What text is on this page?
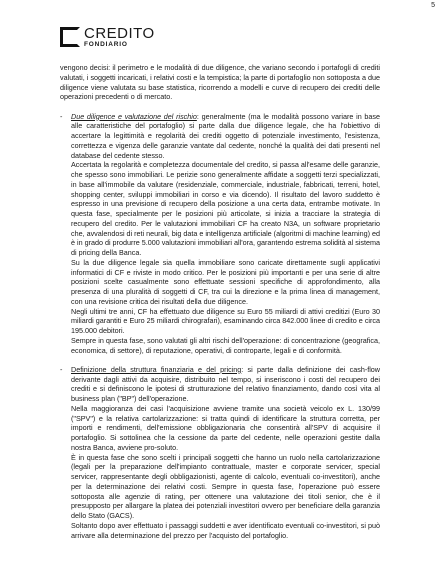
5
CREDITO
FONDIARIO

vengono decisi: il perimetro e le modalità di due diligence, che variano secondo i portafogli di crediti valutati, i soggetti incaricati, i relativi costi e la tempistica; la parte di portafoglio non sottoposta a due diligence viene valutata su base statistica, ricorrendo a modelli e curve di recupero dei crediti delle operazioni precedenti o di mercato.

- Due diligence e valutazione del rischio: generalmente (ma le modalità possono variare in base alle caratteristiche del portafoglio) si parte dalla due diligence legale, che ha l'obiettivo di accertare la legittimità e regolarità dei crediti oggetto di potenziale investimento, l'esistenza, correttezza e vigenza delle garanzie vantate dal cedente, nonché la qualità dei dati presenti nel database del cedente stesso.

Accertata la regolarità e completezza documentale del credito, si passa all'esame delle garanzie, che spesso sono immobiliari. Le perizie sono generalmente affidate a soggetti terzi specializzati, in base all'immobile da valutare (residenziale, commerciale, industriale, fabbricati, terreni, hotel, shopping center, sviluppi immobiliari in corso e via dicendo). Il risultato del lavoro suddetto è espresso in una previsione di recupero della posizione a una certa data, entrambe motivate. In questa fase, specialmente per le posizioni più articolate, si inizia a tracciare la strategia di recupero del credito. Per le valutazioni immobiliari CF ha creato N3A, un software proprietario che, avvalendosi di reti neurali, big data e intelligenza artificiale (algoritmi di machine learning) ed è in grado di produrre 5.000 valutazioni immobiliari all'ora, garantendo estrema solidità al sistema di pricing della Banca.

Su la due diligence legale sia quella immobiliare sono caricate direttamente sugli applicativi informatici di CF e riviste in modo critico. Per le posizioni più importanti e per una serie di altre posizioni scelte casualmente sono effettuate sessioni specifiche di approfondimento, alla presenza di una pluralità di soggetti di CF, tra cui la direzione e la prima linea di management, con una revisione critica dei risultati della due diligence.

Negli ultimi tre anni, CF ha effettuato due diligence su Euro 55 miliardi di attivi creditizi (Euro 30 miliardi garantiti e Euro 25 miliardi chirografari), esaminando circa 842.000 linee di credito e circa 195.000 debitori.

Sempre in questa fase, sono valutati gli altri rischi dell'operazione: di concentrazione (geografica, economica, di settore), di reputazione, operativi, di controparte, legali e di conformità.

- Definizione della struttura finanziaria e del pricing: si parte dalla definizione dei cash-flow derivante dagli attivi da acquisire, distribuito nel tempo, si inseriscono i costi del recupero dei crediti e si definiscono le ipotesi di strutturazione del relativo finanziamento, dando così vita al business plan ("BP") dell'operazione.

Nella maggioranza dei casi l'acquisizione avviene tramite una società veicolo ex L. 130/99 ("SPV") e la relativa cartolarizzazione: si tratta quindi di identificare la struttura corretta, per importi e rendimenti, dell'emissione obbligazionaria che consentirà all'SPV di acquisire il portafoglio. Si sottolinea che la cessione da parte del cedente, nelle operazioni gestite dalla nostra Banca, avviene pro-soluto.

È in questa fase che sono scelti i principali soggetti che hanno un ruolo nella cartolarizzazione (legali per la preparazione dell'impianto contrattuale, master e corporate servicer, special servicer, rappresentante degli obbligazionisti, agente di calcolo, eventuali co-investitori), anche per la determinazione dei relativi costi. Sempre in questa fase, l'operazione può essere sottoposta alle agenzie di rating, per ottenere una valutazione dei titoli senior, che è il presupposto per allargare la platea dei potenziali investitori ovvero per beneficiare della garanzia dello Stato (GACS).

Soltanto dopo aver effettuato i passaggi suddetti e aver identificato eventuali co-investitori, si può arrivare alla determinazione del prezzo per l'acquisto del portafoglio.
